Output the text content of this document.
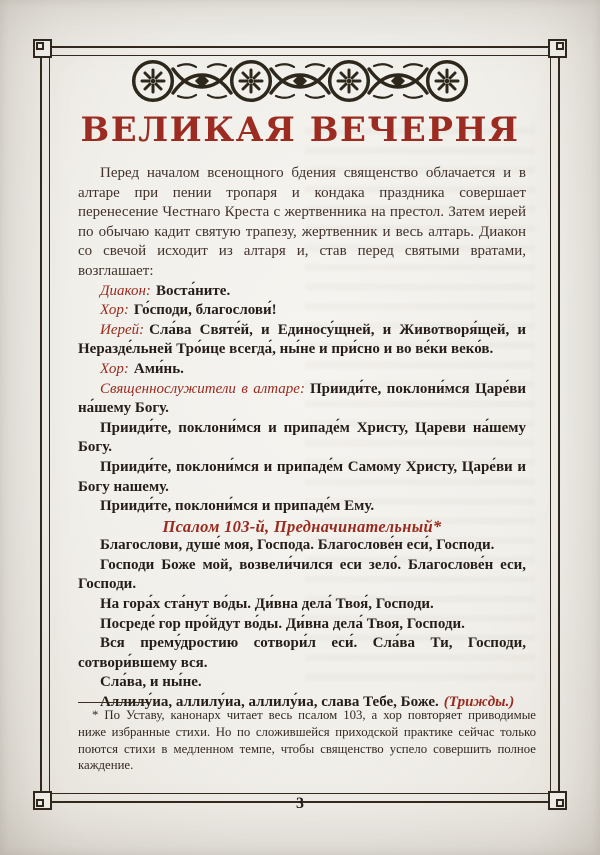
ВЕЛИКАЯ ВЕЧЕРНЯ

Перед началом всенощного бдения священство облачается и в алтаре при пении тропаря и кондака праздника совершает перенесение Честнаго Креста с жертвенника на престол. Затем иерей по обычаю кадит святую трапезу, жертвенник и весь алтарь. Диакон со свечой исходит из алтаря и, став перед святыми вратами, возглашает:

Диакон: Воста́ните.

Хор: Го́споди, благослови́!

Иерей: Сла́ва Святе́й, и Единосу́щней, и Животворя́щей, и Неразде́льней Тро́ице всегда́, ны́не и при́сно и во ве́ки веко́в.

Хор: Ами́нь.

Священнослужители в алтаре: Прииди́те, поклони́мся Царе́ви на́шему Богу.

Прииди́те, поклони́мся и припаде́м Христу, Цареви на́шему Богу.

Прииди́те, поклони́мся и припаде́м Самому Христу, Царе́ви и Богу нашему.

Прииди́те, поклони́мся и припаде́м Ему.

Псалом 103-й, Предначинательный*

Благослови, душе́ моя, Господа. Благослове́н еси́, Господи.

Господи Боже мой, возвели́чился еси зело́. Благослове́н еси, Господи.

На гора́х ста́нут во́ды. Ди́вна дела́ Твоя́, Господи.

Посреде́ гор про́йдут во́ды. Ди́вна дела́ Твоя, Господи.

Вся прему́дростию сотвори́л еси́. Сла́ва Ти, Господи, сотвори́вшему вся.

Сла́ва, и ны́не.

Аллилу́иа, аллилу́иа, аллилу́иа, слава Тебе, Боже. (Трижды.)

* По Уставу, канонарх читает весь псалом 103, а хор повторяет приводимые ниже избранные стихи. Но по сложившейся приходской практике сейчас только поются стихи в медленном темпе, чтобы священство успело совершить полное каждение.

3
